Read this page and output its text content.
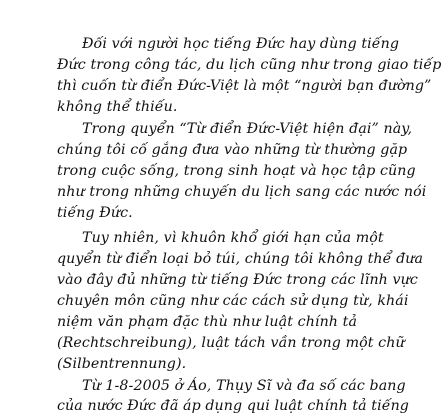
Đối với người học tiếng Đức hay dùng tiếng
Đức trong công tác, du lịch cũng như trong giao tiếp
thì cuốn từ điển Đức-Việt là một “người bạn đường”
không thể thiếu.
Trong quyển “Từ điển Đức-Việt hiện đại” này,
chúng tôi cố gắng đưa vào những từ thường gặp
trong cuộc sống, trong sinh hoạt và học tập cũng
như trong những chuyến du lịch sang các nước nói
tiếng Đức.
Tuy nhiên, vì khuôn khổ giới hạn của một
quyển từ điển loại bỏ túi, chúng tôi không thể đưa
vào đây đủ những từ tiếng Đức trong các lĩnh vực
chuyên môn cũng như các cách sử dụng từ, khái
niệm văn phạm đặc thù như luật chính tả
(Rechtschreibung), luật tách vần trong một chữ
(Silbentrennung).
Từ 1-8-2005 ở Áo, Thụy Sĩ và đa số các bang
của nước Đức đã áp dụng qui luật chính tả tiếng
